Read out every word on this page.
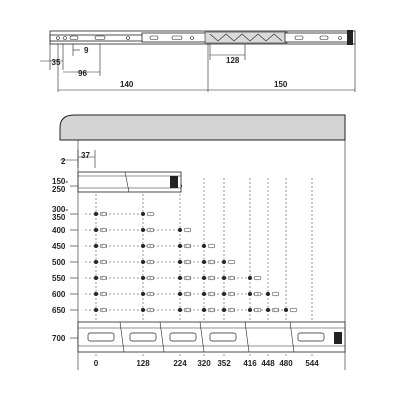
9
35
96
128
140	150
2
37
150-
250
300-
350
400
450
500
550
600
650
700
0	128	224 320 352 416 448 480 544
